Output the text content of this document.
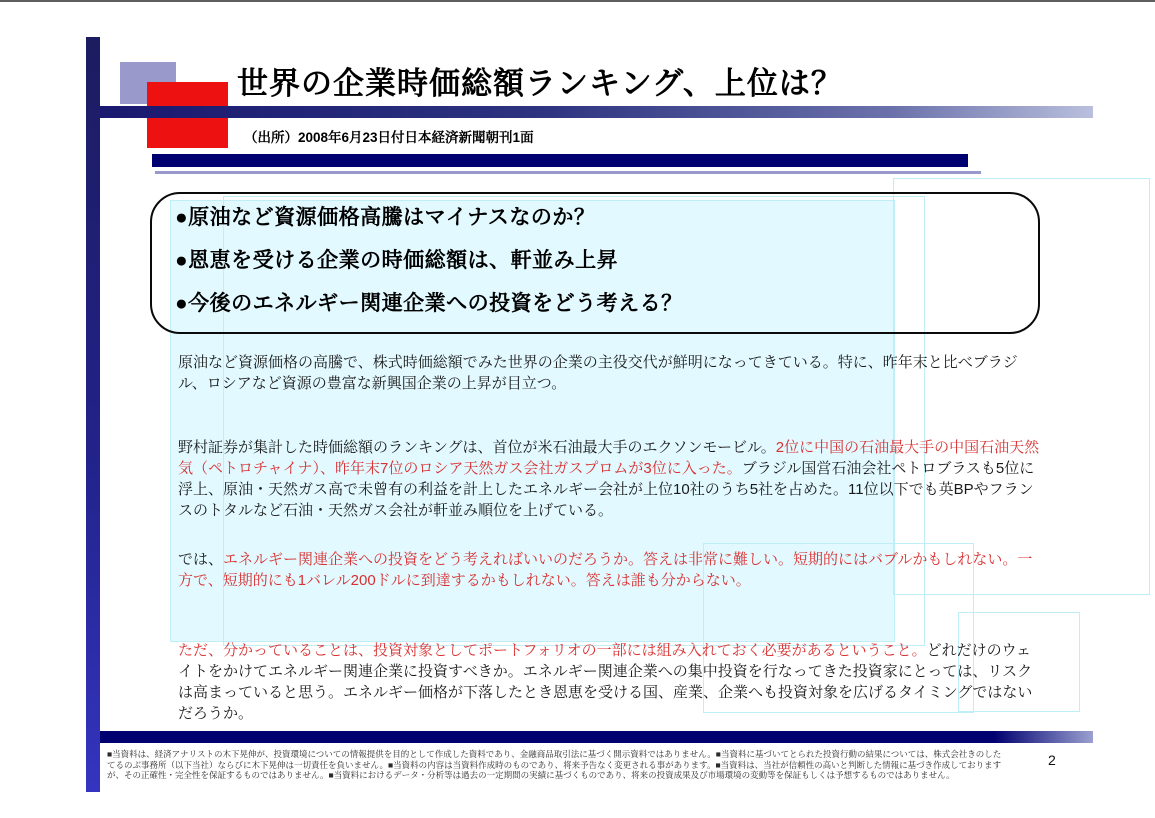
世界の企業時価総額ランキング、上位は？
（出所）2008年6月23日付日本経済新聞朝刊1面
●原油など資源価格高騰はマイナスなのか？
●恩恵を受ける企業の時価総額は、軒並み上昇
●今後のエネルギー関連企業への投資をどう考える？
原油など資源価格の高騰で、株式時価総額でみた世界の企業の主役交代が鮮明になってきている。特に、昨年末と比べブラジル、ロシアなど資源の豊富な新興国企業の上昇が目立つ。
野村証券が集計した時価総額のランキングは、首位が米石油最大手のエクソンモービル。2位に中国の石油最大手の中国石油天然気（ペトロチャイナ）、昨年末7位のロシア天然ガス会社ガスプロムが3位に入った。ブラジル国営石油会社ペトロブラスも5位に浮上、原油・天然ガス高で未曾有の利益を計上したエネルギー会社が上位10社のうち5社を占めた。11位以下でも英BPやフランスのトタルなど石油・天然ガス会社が軒並み順位を上げている。
では、エネルギー関連企業への投資をどう考えればいいのだろうか。答えは非常に難しい。短期的にはバブルかもしれない。一方で、短期的にも1バレル200ドルに到達するかもしれない。答えは誰も分からない。
ただ、分かっていることは、投資対象としてポートフォリオの一部には組み入れておく必要があるということ。どれだけのウェイトをかけてエネルギー関連企業に投資すべきか。エネルギー関連企業への集中投資を行なってきた投資家にとっては、リスクは高まっていると思う。エネルギー価格が下落したとき恩恵を受ける国、産業、企業へも投資対象を広げるタイミングではないだろうか。
■当資料は、経済アナリストの木下晃伸が、投資環境についての情報提供を目的として作成した資料であり、金融商品取引法に基づく開示資料ではありません。■当資料に基づいてとられた投資行動の結果については、株式会社きのした
てるのぶ事務所（以下当社）ならびに木下晃伸は一切責任を負いません。■当資料の内容は当資料作成時のものであり、将来予告なく変更される事があります。■当資料は、当社が信頼性の高いと判断した情報に基づき作成しております
が、その正確性・完全性を保証するものではありません。■当資料におけるデータ・分析等は過去の一定期間の実績に基づくものであり、将来の投資成果及び市場環境の変動等を保証もしくは予想するものではありません。
2
